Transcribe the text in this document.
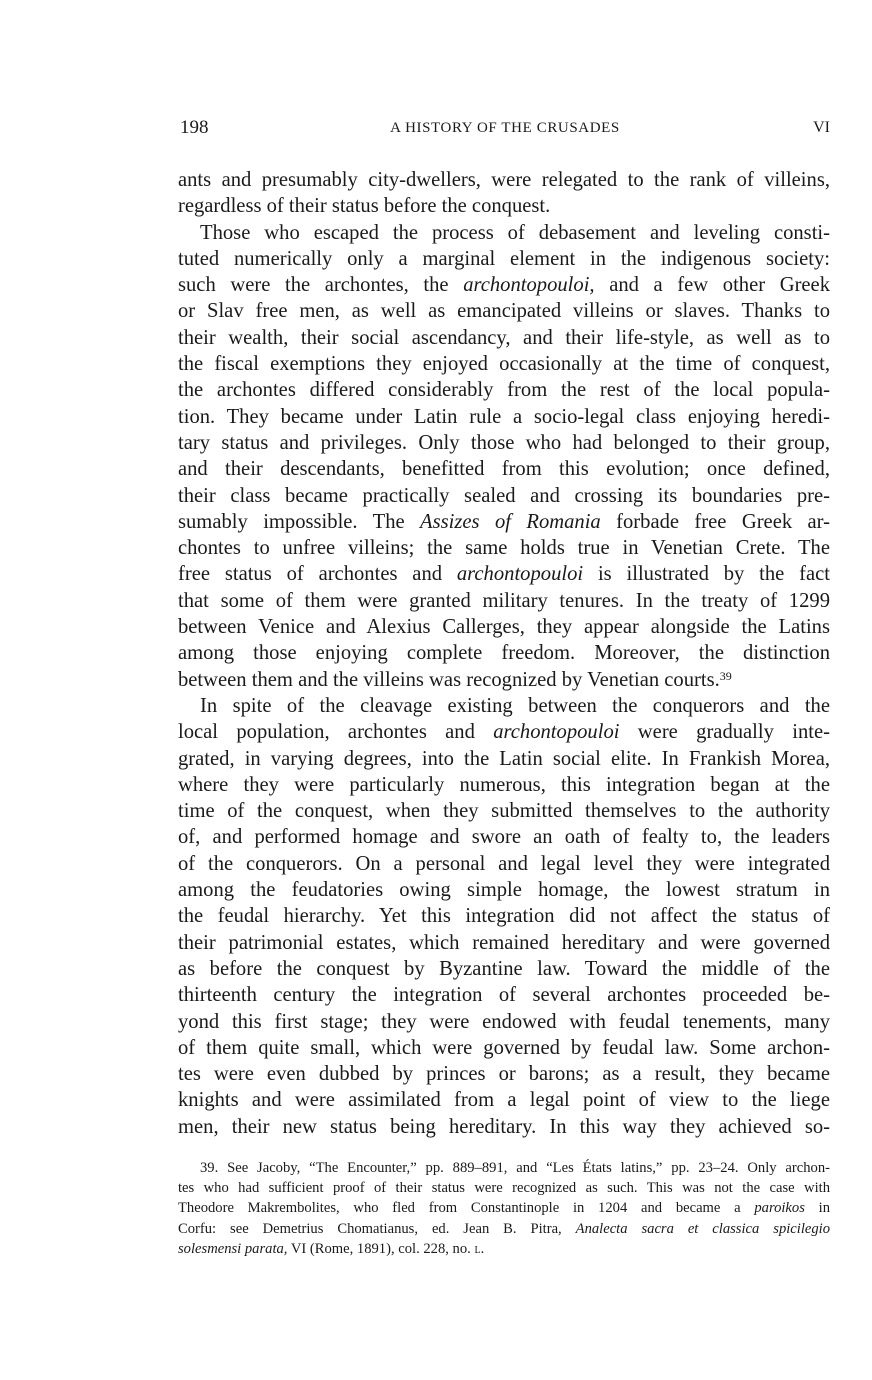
198	A HISTORY OF THE CRUSADES	VI
ants and presumably city-dwellers, were relegated to the rank of villeins,
regardless of their status before the conquest.
Those who escaped the process of debasement and leveling consti-
tuted numerically only a marginal element in the indigenous society:
such were the archontes, the archontopouloi, and a few other Greek
or Slav free men, as well as emancipated villeins or slaves. Thanks to
their wealth, their social ascendancy, and their life-style, as well as to
the fiscal exemptions they enjoyed occasionally at the time of conquest,
the archontes differed considerably from the rest of the local popula-
tion. They became under Latin rule a socio-legal class enjoying heredi-
tary status and privileges. Only those who had belonged to their group,
and their descendants, benefitted from this evolution; once defined,
their class became practically sealed and crossing its boundaries pre-
sumably impossible. The Assizes of Romania forbade free Greek ar-
chontes to unfree villeins; the same holds true in Venetian Crete. The
free status of archontes and archontopouloi is illustrated by the fact
that some of them were granted military tenures. In the treaty of 1299
between Venice and Alexius Callerges, they appear alongside the Latins
among those enjoying complete freedom. Moreover, the distinction
between them and the villeins was recognized by Venetian courts.$^{39}$
In spite of the cleavage existing between the conquerors and the
local population, archontes and archontopouloi were gradually inte-
grated, in varying degrees, into the Latin social elite. In Frankish Morea,
where they were particularly numerous, this integration began at the
time of the conquest, when they submitted themselves to the authority
of, and performed homage and swore an oath of fealty to, the leaders
of the conquerors. On a personal and legal level they were integrated
among the feudatories owing simple homage, the lowest stratum in
the feudal hierarchy. Yet this integration did not affect the status of
their patrimonial estates, which remained hereditary and were governed
as before the conquest by Byzantine law. Toward the middle of the
thirteenth century the integration of several archontes proceeded be-
yond this first stage; they were endowed with feudal tenements, many
of them quite small, which were governed by feudal law. Some archon-
tes were even dubbed by princes or barons; as a result, they became
knights and were assimilated from a legal point of view to the liege
men, their new status being hereditary. In this way they achieved so-
39. See Jacoby, “The Encounter,” pp. 889–891, and “Les États latins,” pp. 23–24. Only archon-
tes who had sufficient proof of their status were recognized as such. This was not the case with
Theodore Makrembolites, who fled from Constantinople in 1204 and became a paroikos in
Corfu: see Demetrius Chomatianus, ed. Jean B. Pitra, Analecta sacra et classica spicilegio
solesmensi parata, VI (Rome, 1891), col. 228, no. l.
